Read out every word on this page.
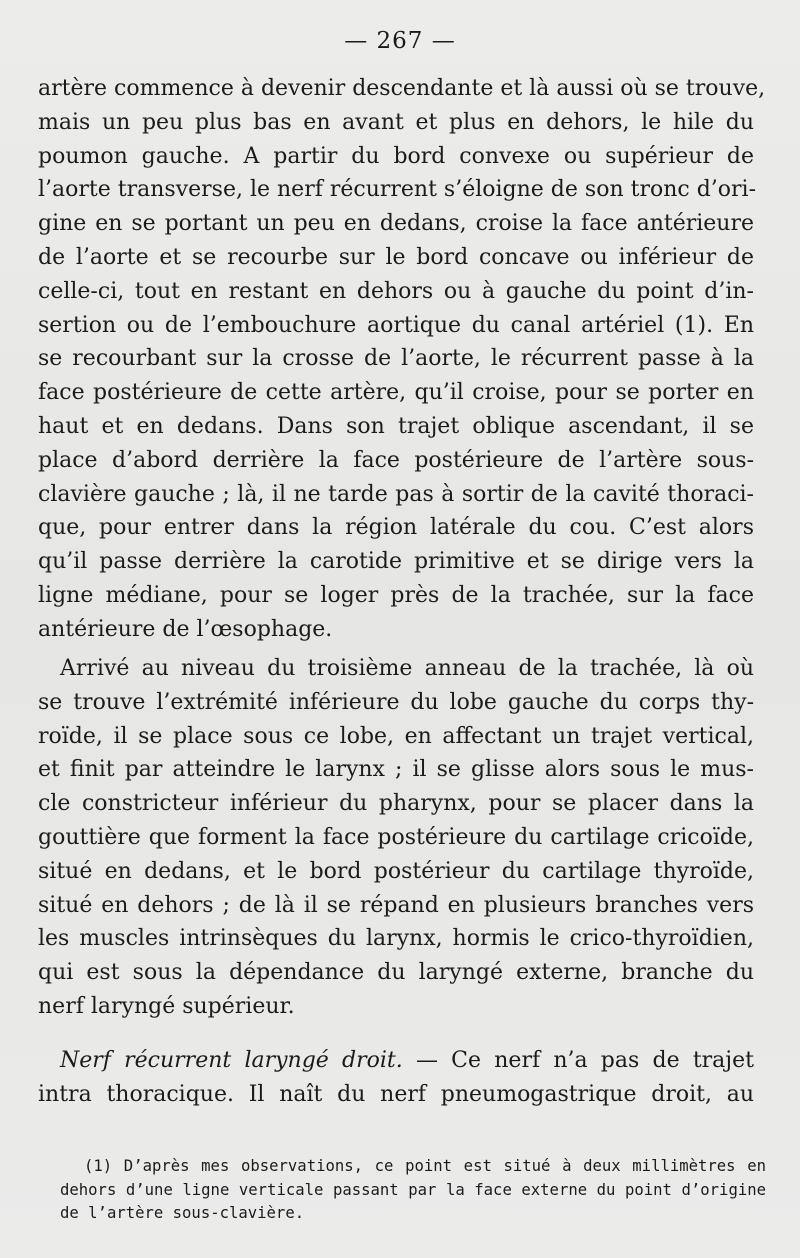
— 267 —
artère commence à devenir descendante et là aussi où se trouve,
mais un peu plus bas en avant et plus en dehors, le hile du
poumon gauche. A partir du bord convexe ou supérieur de
l’aorte transverse, le nerf récurrent s’éloigne de son tronc d’ori-
gine en se portant un peu en dedans, croise la face antérieure
de l’aorte et se recourbe sur le bord concave ou inférieur de
celle-ci, tout en restant en dehors ou à gauche du point d’in-
sertion ou de l’embouchure aortique du canal artériel (1). En
se recourbant sur la crosse de l’aorte, le récurrent passe à la
face postérieure de cette artère, qu’il croise, pour se porter en
haut et en dedans. Dans son trajet oblique ascendant, il se
place d’abord derrière la face postérieure de l’artère sous-
clavière gauche ; là, il ne tarde pas à sortir de la cavité thoraci-
que, pour entrer dans la région latérale du cou. C’est alors
qu’il passe derrière la carotide primitive et se dirige vers la
ligne médiane, pour se loger près de la trachée, sur la face
antérieure de l’œsophage.
Arrivé au niveau du troisième anneau de la trachée, là où
se trouve l’extrémité inférieure du lobe gauche du corps thy-
roïde, il se place sous ce lobe, en affectant un trajet vertical,
et finit par atteindre le larynx ; il se glisse alors sous le mus-
cle constricteur inférieur du pharynx, pour se placer dans la
gouttière que forment la face postérieure du cartilage cricoïde,
situé en dedans, et le bord postérieur du cartilage thyroïde,
situé en dehors ; de là il se répand en plusieurs branches vers
les muscles intrinsèques du larynx, hormis le crico-thyroïdien,
qui est sous la dépendance du laryngé externe, branche du
nerf laryngé supérieur.
Nerf récurrent laryngé droit. — Ce nerf n’a pas de trajet
intra thoracique. Il naît du nerf pneumogastrique droit, au
(1) D’après mes observations, ce point est situé à deux millimètres en
dehors d’une ligne verticale passant par la face externe du point d’origine
de l’artère sous-clavière.
